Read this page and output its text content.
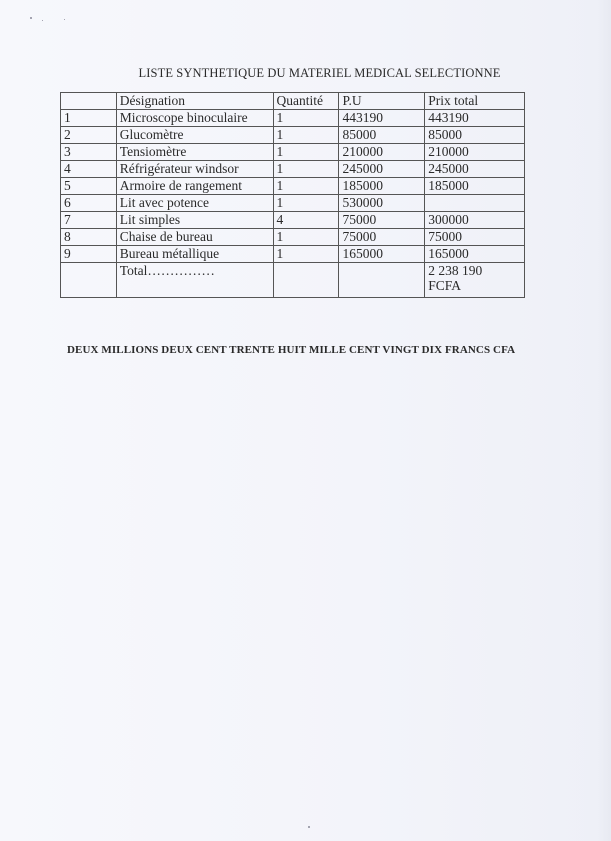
LISTE SYNTHETIQUE DU MATERIEL MEDICAL SELECTIONNE
	Désignation	Quantité	P.U	Prix total
1	Microscope binoculaire	1	443190	443190
2	Glucomètre	1	85000	85000
3	Tensiomètre	1	210000	210000
4	Réfrigérateur windsor	1	245000	245000
5	Armoire de rangement	1	185000	185000
6	Lit avec potence	1	530000	
7	Lit simples	4	75000	300000
8	Chaise de bureau	1	75000	75000
9	Bureau métallique	1	165000	165000
	Total……………			2 238 190
FCFA
DEUX MILLIONS DEUX CENT TRENTE HUIT MILLE CENT VINGT DIX FRANCS CFA
